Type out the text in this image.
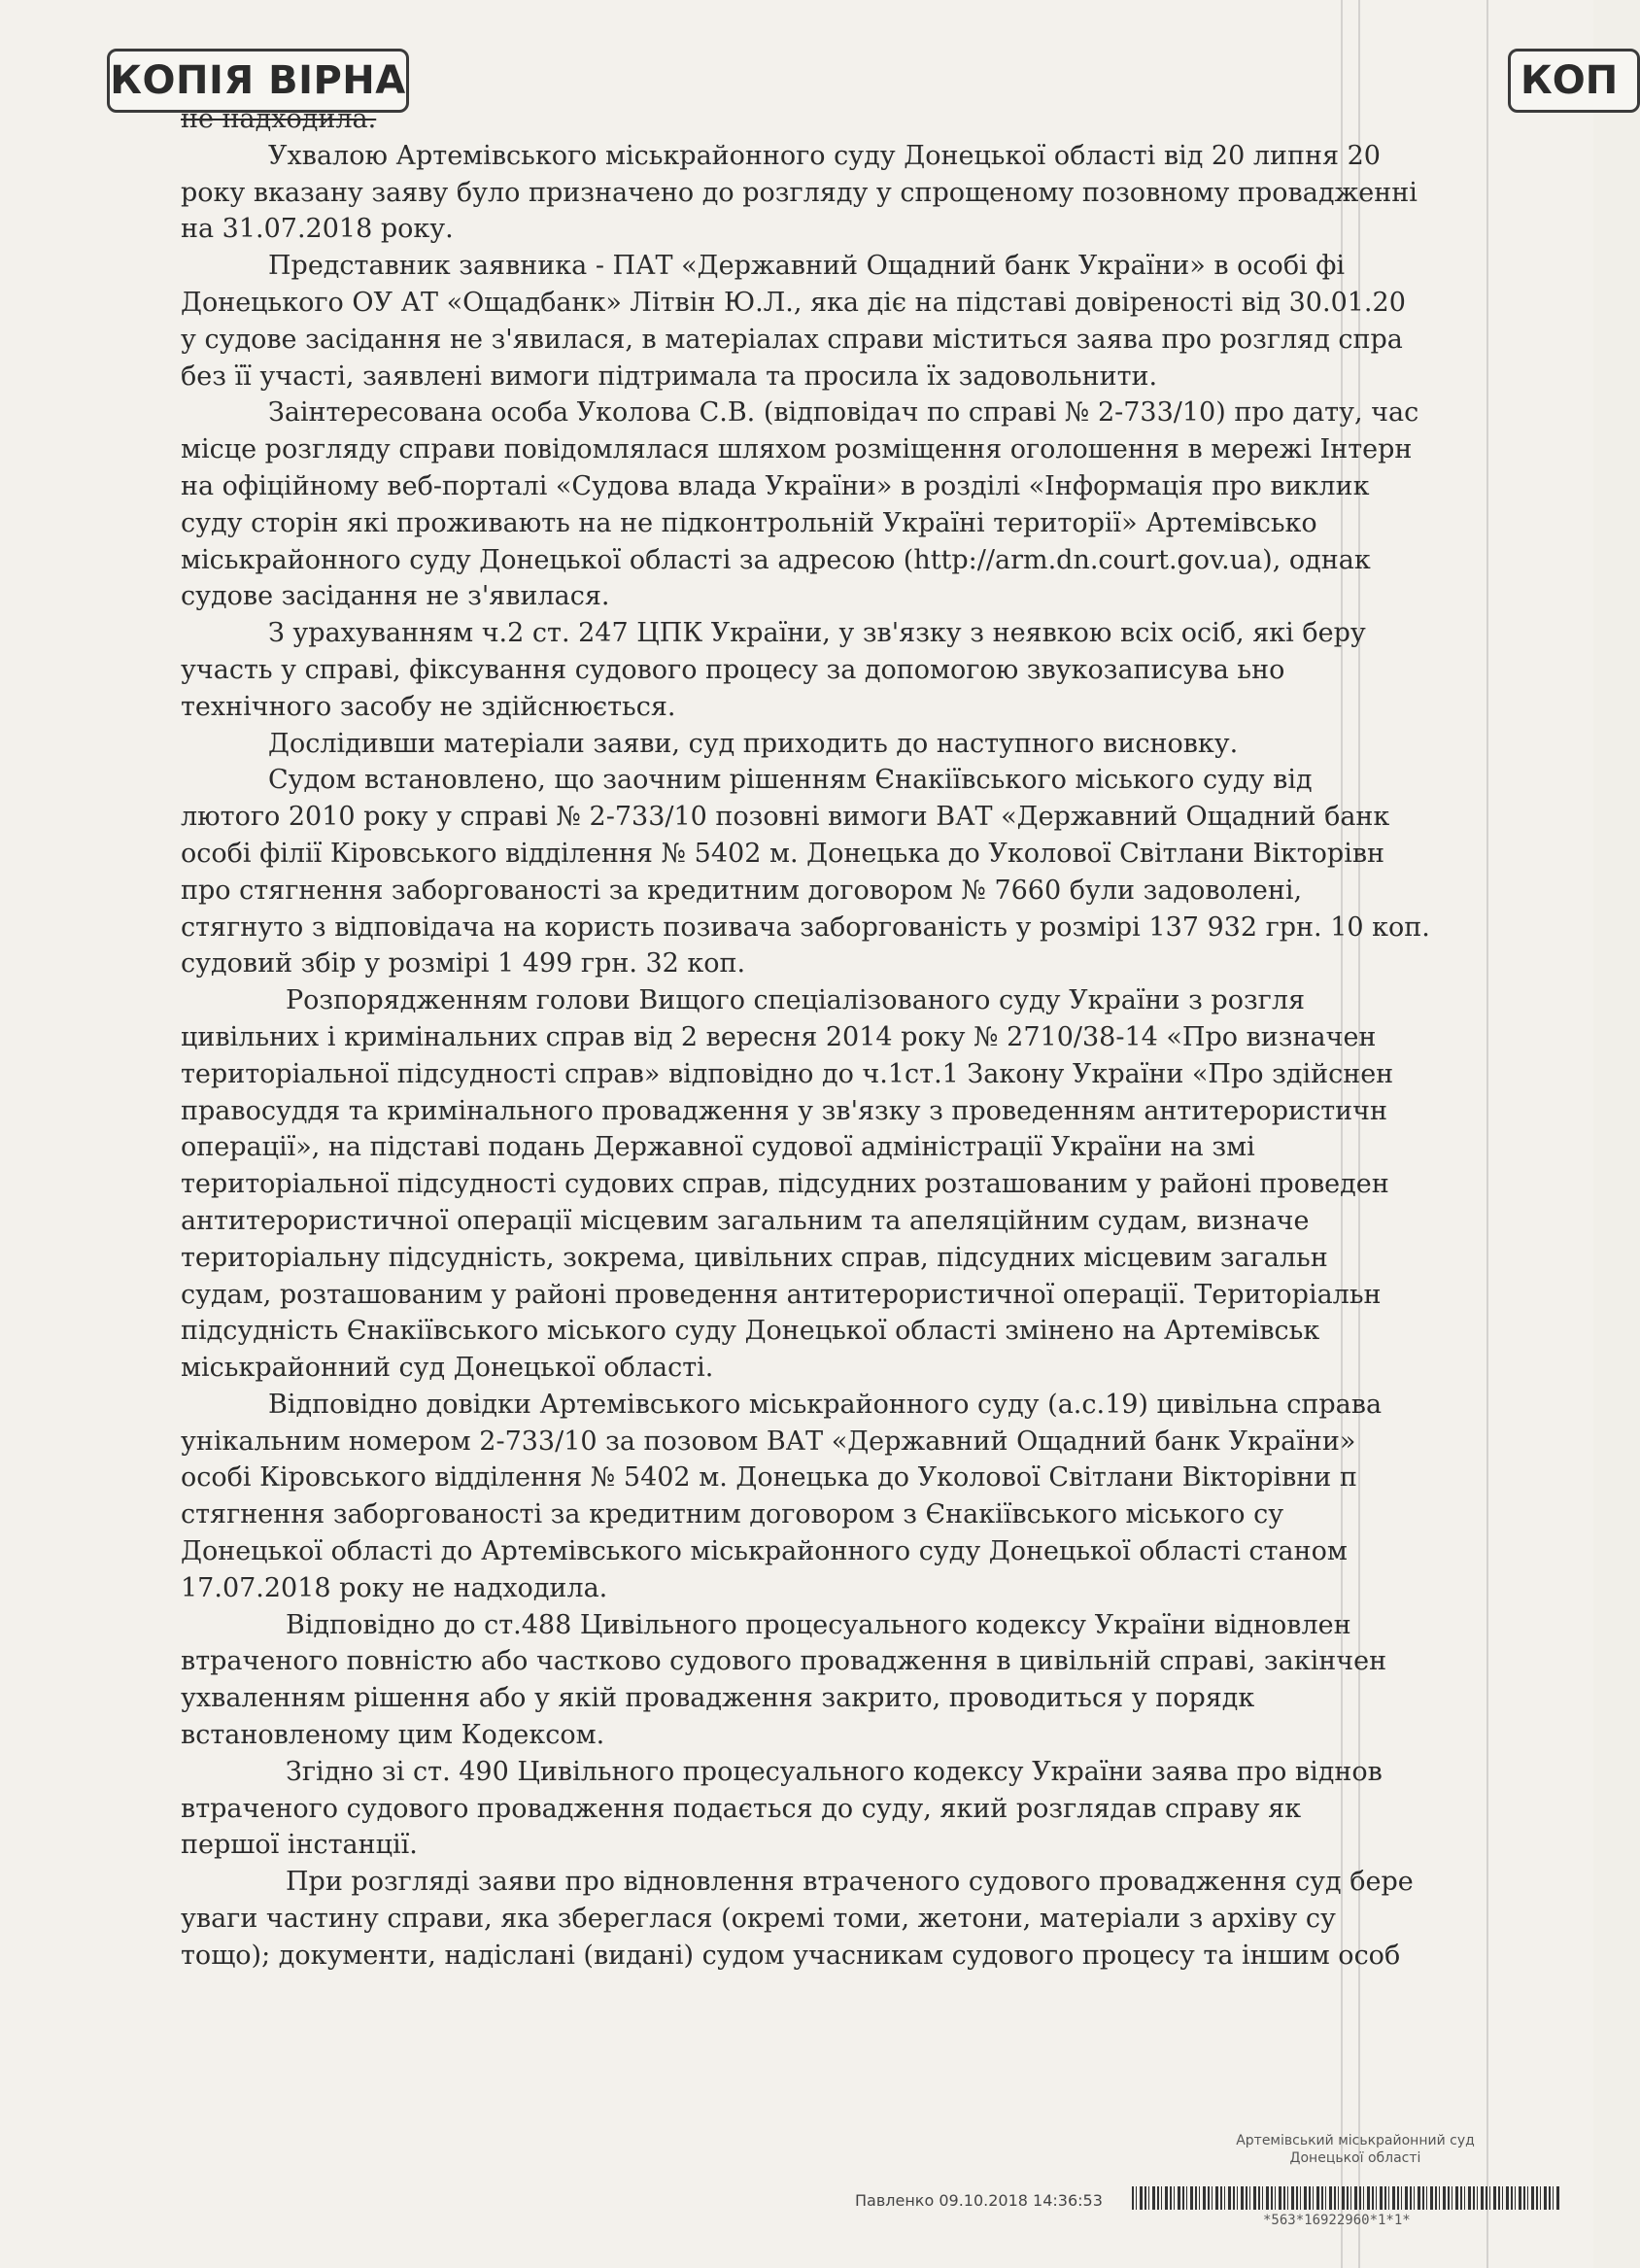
КОПІЯ ВІРНА	КОП
не надходила.
Ухвалою Артемівського міськрайонного суду Донецької області від 20 липня 20
року вказану заяву було призначено до розгляду у спрощеному позовному провадженні
на 31.07.2018 року.
Представник заявника - ПАТ «Державний Ощадний банк України» в особі фі
Донецького ОУ АТ «Ощадбанк» Літвін Ю.Л., яка діє на підставі довіреності від 30.01.20
у судове засідання не з'явилася, в матеріалах справи міститься заява про розгляд спра
без її участі, заявлені вимоги підтримала та просила їх задовольнити.
Заінтересована особа Уколова С.В. (відповідач по справі № 2-733/10) про дату, час
місце розгляду справи повідомлялася шляхом розміщення оголошення в мережі Інтерн
на офіційному веб-порталі «Судова влада України» в розділі «Інформація про виклик
суду сторін які проживають на не підконтрольній Україні території» Артемівсько
міськрайонного суду Донецької області за адресою (http://arm.dn.court.gov.ua), однак
судове засідання не з'явилася.
З урахуванням ч.2 ст. 247 ЦПК України, у зв'язку з неявкою всіх осіб, які беру
участь у справі, фіксування судового процесу за допомогою звукозаписува ьно
технічного засобу не здійснюється.
Дослідивши матеріали заяви, суд приходить до наступного висновку.
Судом встановлено, що заочним рішенням Єнакіївського міського суду від
лютого 2010 року у справі № 2-733/10 позовні вимоги ВАТ «Державний Ощадний банк
особі філії Кіровського відділення № 5402 м. Донецька до Уколової Світлани Вікторівн
про стягнення заборгованості за кредитним договором № 7660 були задоволені,
стягнуто з відповідача на користь позивача заборгованість у розмірі 137 932 грн. 10 коп.
судовий збір у розмірі 1 499 грн. 32 коп.
Розпорядженням голови Вищого спеціалізованого суду України з розгля
цивільних і кримінальних справ від 2 вересня 2014 року № 2710/38-14 «Про визначен
територіальної підсудності справ» відповідно до ч.1ст.1 Закону України «Про здійснен
правосуддя та кримінального провадження у зв'язку з проведенням антитерористичн
операції», на підставі подань Державної судової адміністрації України на змі
територіальної підсудності судових справ, підсудних розташованим у районі проведен
антитерористичної операції місцевим загальним та апеляційним судам, визначе
територіальну підсудність, зокрема, цивільних справ, підсудних місцевим загальн
судам, розташованим у районі проведення антитерористичної операції. Територіальн
підсудність Єнакіївського міського суду Донецької області змінено на Артемівськ
міськрайонний суд Донецької області.
Відповідно довідки Артемівського міськрайонного суду (а.с.19) цивільна справа
унікальним номером 2-733/10 за позовом ВАТ «Державний Ощадний банк України»
особі Кіровського відділення № 5402 м. Донецька до Уколової Світлани Вікторівни п
стягнення заборгованості за кредитним договором з Єнакіївського міського су
Донецької області до Артемівського міськрайонного суду Донецької області станом
17.07.2018 року не надходила.
Відповідно до ст.488 Цивільного процесуального кодексу України відновлен
втраченого повністю або частково судового провадження в цивільній справі, закінчен
ухваленням рішення або у якій провадження закрито, проводиться у порядк
встановленому цим Кодексом.
Згідно зі ст. 490 Цивільного процесуального кодексу України заява про віднов
втраченого судового провадження подається до суду, який розглядав справу як
першої інстанції.
При розгляді заяви про відновлення втраченого судового провадження суд бере
уваги частину справи, яка збереглася (окремі томи, жетони, матеріали з архіву су
тощо); документи, надіслані (видані) судом учасникам судового процесу та іншим особ
Артемівський міськрайонний суд
Донецької області
Павленко 09.10.2018 14:36:53
*563*16922960*1*1*
